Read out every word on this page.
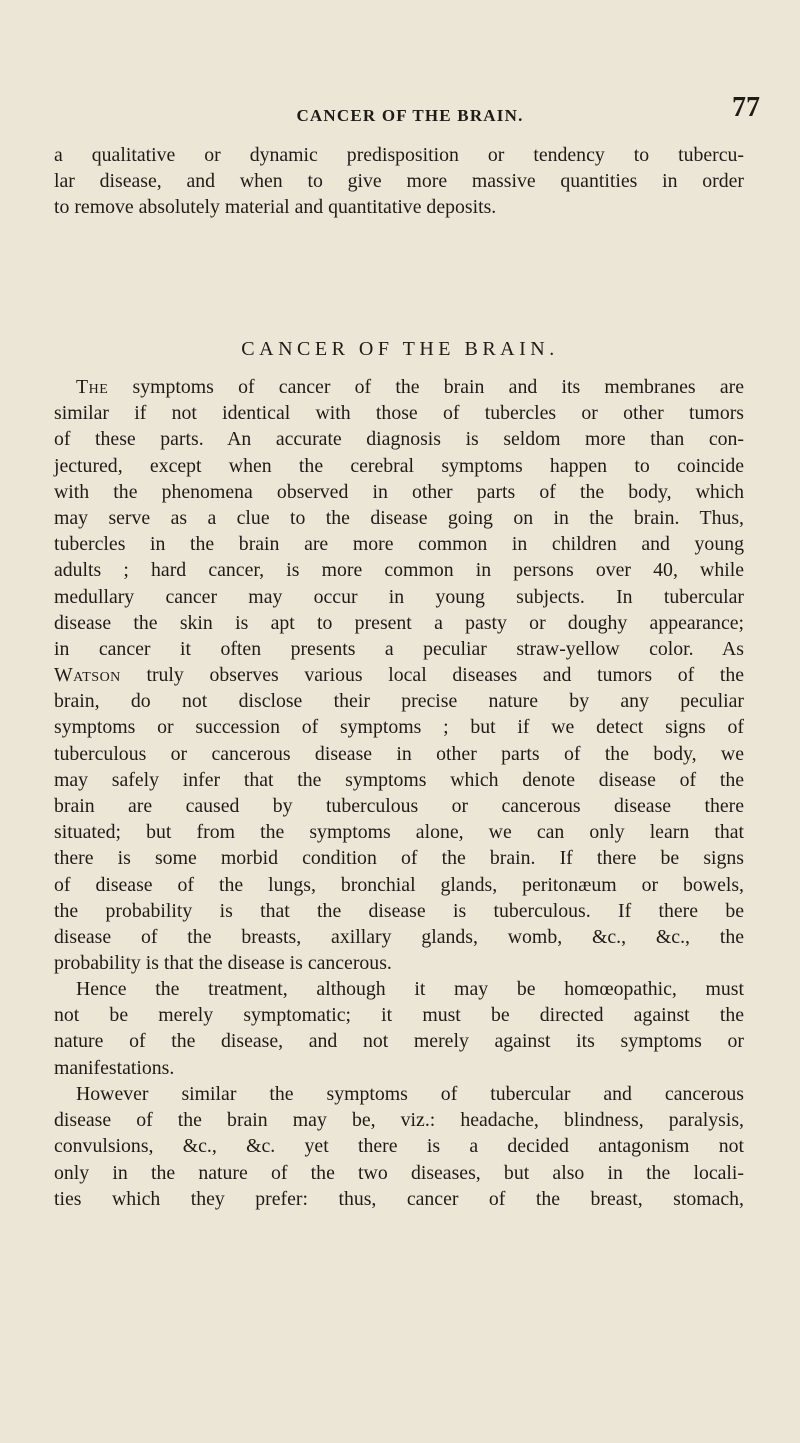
CANCER OF THE BRAIN.	77
a qualitative or dynamic predisposition or tendency to tubercu-
lar disease, and when to give more massive quantities in order
to remove absolutely material and quantitative deposits.
CANCER OF THE BRAIN.
The symptoms of cancer of the brain and its membranes are
similar if not identical with those of tubercles or other tumors
of these parts. An accurate diagnosis is seldom more than con-
jectured, except when the cerebral symptoms happen to coincide
with the phenomena observed in other parts of the body, which
may serve as a clue to the disease going on in the brain. Thus,
tubercles in the brain are more common in children and young
adults ; hard cancer, is more common in persons over 40, while
medullary cancer may occur in young subjects. In tubercular
disease the skin is apt to present a pasty or doughy appearance;
in cancer it often presents a peculiar straw-yellow color. As
Watson truly observes various local diseases and tumors of the
brain, do not disclose their precise nature by any peculiar
symptoms or succession of symptoms ; but if we detect signs of
tuberculous or cancerous disease in other parts of the body, we
may safely infer that the symptoms which denote disease of the
brain are caused by tuberculous or cancerous disease there
situated; but from the symptoms alone, we can only learn that
there is some morbid condition of the brain. If there be signs
of disease of the lungs, bronchial glands, peritonæum or bowels,
the probability is that the disease is tuberculous. If there be
disease of the breasts, axillary glands, womb, &c., &c., the
probability is that the disease is cancerous.
Hence the treatment, although it may be homœopathic, must
not be merely symptomatic; it must be directed against the
nature of the disease, and not merely against its symptoms or
manifestations.
However similar the symptoms of tubercular and cancerous
disease of the brain may be, viz.: headache, blindness, paralysis,
convulsions, &c., &c. yet there is a decided antagonism not
only in the nature of the two diseases, but also in the locali-
ties which they prefer: thus, cancer of the breast, stomach,
